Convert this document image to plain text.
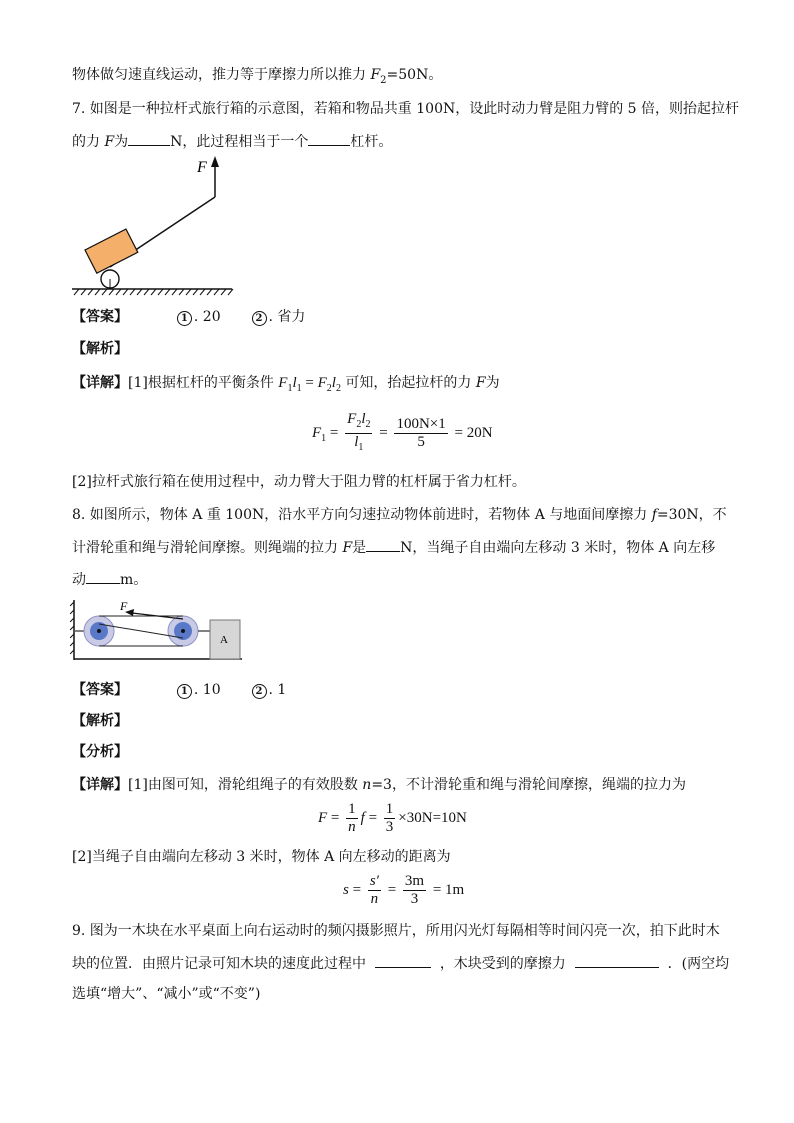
物体做匀速直线运动，推力等于摩擦力所以推力 $F_2=50N$。
7. 如图是一种拉杆式旅行箱的示意图，若箱和物品共重 100N，设此时动力臂是阻力臂的 5 倍，则抬起拉杆
的力 F为	N，此过程相当于一个	杠杆。
F
【答案】	1 . 20	2 . 省力
【解析】
【详解】[1]根据杠杆的平衡条件 $F_1l_1 = F_2l_2$ 可知，抬起拉杆的力 F为
$F_1 = \frac{F_2l_2}{l_1} = \frac{100N\times 1}{5} = 20N$
[2]拉杆式旅行箱在使用过程中，动力臂大于阻力臂的杠杆属于省力杠杆。
8. 如图所示，物体 A 重 100N，沿水平方向匀速拉动物体前进时，若物体 A 与地面间摩擦力 f=30N，不
计滑轮重和绳与滑轮间摩擦。则绳端的拉力 F是 N，当绳子自由端向左移动 3 米时，物体 A 向左移
动 m。
F
A
【答案】	1 . 10	2 . 1
【解析】
【分析】
【详解】[1]由图可知，滑轮组绳子的有效股数 n=3，不计滑轮重和绳与滑轮间摩擦，绳端的拉力为
$F = \frac{1}{n}$ $f = \frac{1}{3} \times 30N=10N$
[2]当绳子自由端向左移动 3 米时，物体 A 向左移动的距离为
$s = \frac{s'}{n} = \frac{3m}{3} = 1m$
9. 图为一木块在水平桌面上向右运动时的频闪摄影照片，所用闪光灯每隔相等时间闪亮一次，拍下此时木
块的位置．由照片记录可知木块的速度此过程中	，木块受到的摩擦力	．(两空均
选填“增大”、“减小”或“不变”)
